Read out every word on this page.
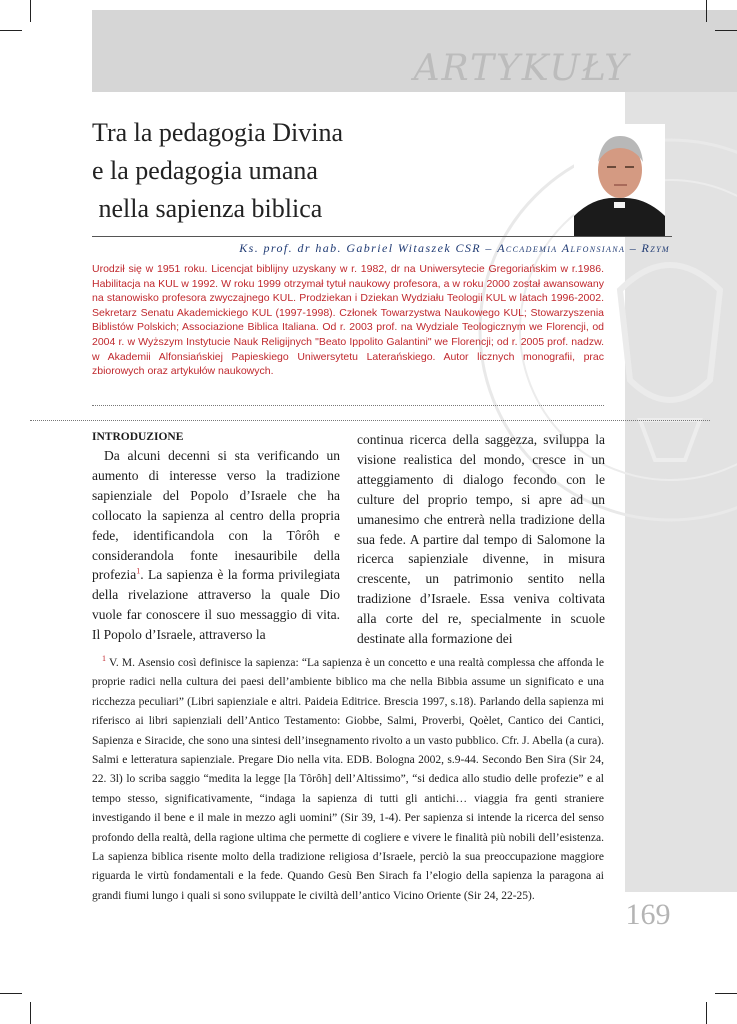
ARTYKUŁY
Tra la pedagogia Divina
e la pedagogia umana
nella sapienza biblica
Ks. prof. dr hab. Gabriel Witaszek CSR – Accademia Alfonsiana – Rzym

Urodził się w 1951 roku. Licencjat biblijny uzyskany w r. 1982, dr na Uniwersytecie Gregoriańskim w r.1986. Habilitacja na KUL w 1992. W roku 1999 otrzymał tytuł naukowy profesora, a w roku 2000 został awansowany na stanowisko profesora zwyczajnego KUL. Prodziekan i Dziekan Wydziału Teologii KUL w latach 1996-2002. Sekretarz Senatu Akademickiego KUL (1997-1998). Członek Towarzystwa Naukowego KUL; Stowarzyszenia Biblistów Polskich; Associazione Biblica Italiana. Od r. 2003 prof. na Wydziale Teologicznym we Florencji, od 2004 r. w Wyższym Instytucie Nauk Religijnych "Beato Ippolito Galantini" we Florencji; od r. 2005 prof. nadzw. w Akademii Alfonsiańskiej Papieskiego Uniwersytetu Laterańskiego. Autor licznych monografii, prac zbiorowych oraz artykułów naukowych.

INTRODUZIONE

Da alcuni decenni si sta verificando un aumento di interesse verso la tradizione sapienziale del Popolo d’Israele che ha collocato la sapienza al centro della propria fede, identificandola con la Tôrôh e considerandola fonte inesauribile della profezia$^1$. La sapienza è la forma privilegiata della rivelazione attraverso la quale Dio vuole far conoscere il suo messaggio di vita. Il Popolo d’Israele, attraverso la

continua ricerca della saggezza, sviluppa la visione realistica del mondo, cresce in un atteggiamento di dialogo fecondo con le culture del proprio tempo, si apre ad un umanesimo che entrerà nella tradizione della sua fede. A partire dal tempo di Salomone la ricerca sapienziale divenne, in misura crescente, un patrimonio sentito nella tradizione d’Israele. Essa veniva coltivata alla corte del re, specialmente in scuole destinate alla formazione dei

$^1$ V. M. Asensio così definisce la sapienza: “La sapienza è un concetto e una realtà complessa che affonda le proprie radici nella cultura dei paesi dell’ambiente biblico ma che nella Bibbia assume un significato e una ricchezza peculiari” (Libri sapienziale e altri. Paideia Editrice. Brescia 1997, s.18). Parlando della sapienza mi riferisco ai libri sapienziali dell’Antico Testamento: Giobbe, Salmi, Proverbi, Qoèlet, Cantico dei Cantici, Sapienza e Siracide, che sono una sintesi dell’insegnamento rivolto a un vasto pubblico. Cfr. J. Abella (a cura). Salmi e letteratura sapienziale. Pregare Dio nella vita. EDB. Bologna 2002, s.9-44. Secondo Ben Sira (Sir 24, 22. 3l) lo scriba saggio “medita la legge [la Tôrôh] dell’Altissimo”, “si dedica allo studio delle profezie” e al tempo stesso, significativamente, “indaga la sapienza di tutti gli antichi… viaggia fra genti straniere investigando il bene e il male in mezzo agli uomini” (Sir 39, 1-4). Per sapienza si intende la ricerca del senso profondo della realtà, della ragione ultima che permette di cogliere e vivere le finalità più nobili dell’esistenza. La sapienza biblica risente molto della tradizione religiosa d’Israele, perciò la sua preoccupazione maggiore riguarda le virtù fondamentali e la fede. Quando Gesù Ben Sirach fa l’elogio della sapienza la paragona ai grandi fiumi lungo i quali si sono sviluppate le civiltà dell’antico Vicino Oriente (Sir 24, 22-25).

169
